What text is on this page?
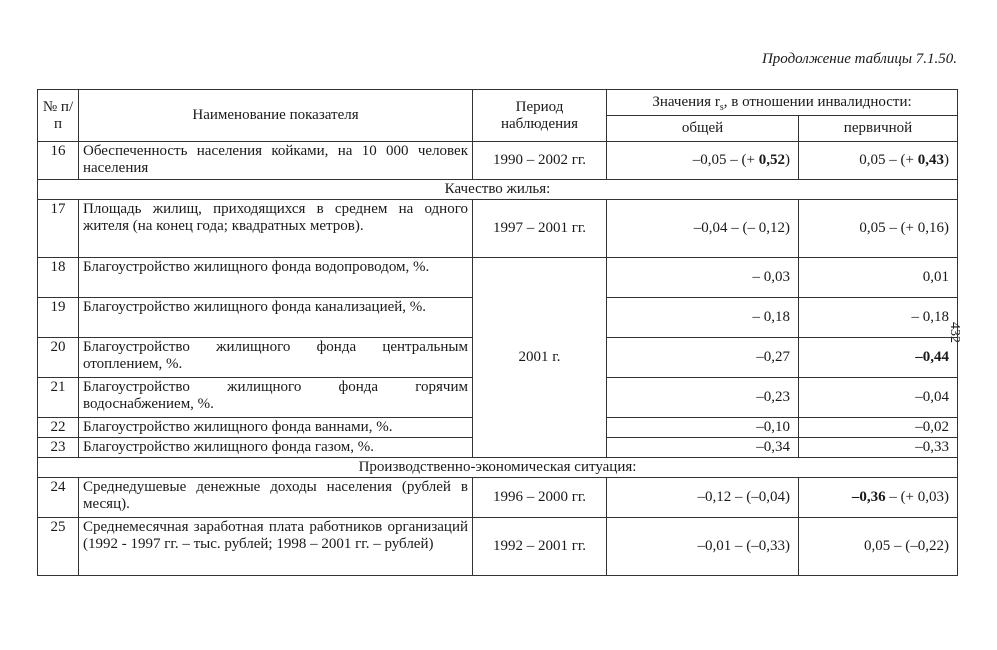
Продолжение таблицы 7.1.50.
432
№ п/п	Наименование показателя	Период наблюдения	Значения $r_s$, в отношении инвалидности:	
			общей	первичной
16	Обеспеченность населения койками, на 10 000 человек населения	1990 – 2002 гг.	–0,05 – (+ 0,52)	0,05 – (+ 0,43)
Качество жилья:				
17	Площадь жилищ, приходящихся в среднем на одного жителя (на конец года; квадратных метров).	1997 – 2001 гг.	–0,04 – (– 0,12)	0,05 – (+ 0,16)
18	Благоустройство жилищного фонда водопроводом, %.	2001 г.	– 0,03	0,01
19	Благоустройство жилищного фонда канализацией, %.		– 0,18	– 0,18
20	Благоустройство жилищного фонда центральным отоплением, %.		–0,27	–0,44
21	Благоустройство жилищного фонда горячим водоснабжением, %.		–0,23	–0,04
22	Благоустройство жилищного фонда ваннами, %.		–0,10	–0,02
23	Благоустройство жилищного фонда газом, %.		–0,34	–0,33
Производственно-экономическая ситуация:				
24	Среднедушевые денежные доходы населения (рублей в месяц).	1996 – 2000 гг.	–0,12 – (–0,04)	–0,36 – (+ 0,03)
25	Среднемесячная заработная плата работников организаций (1992 - 1997 гг. – тыс. рублей; 1998 – 2001 гг. – рублей)	1992 – 2001 гг.	–0,01 – (–0,33)	0,05 – (–0,22)
